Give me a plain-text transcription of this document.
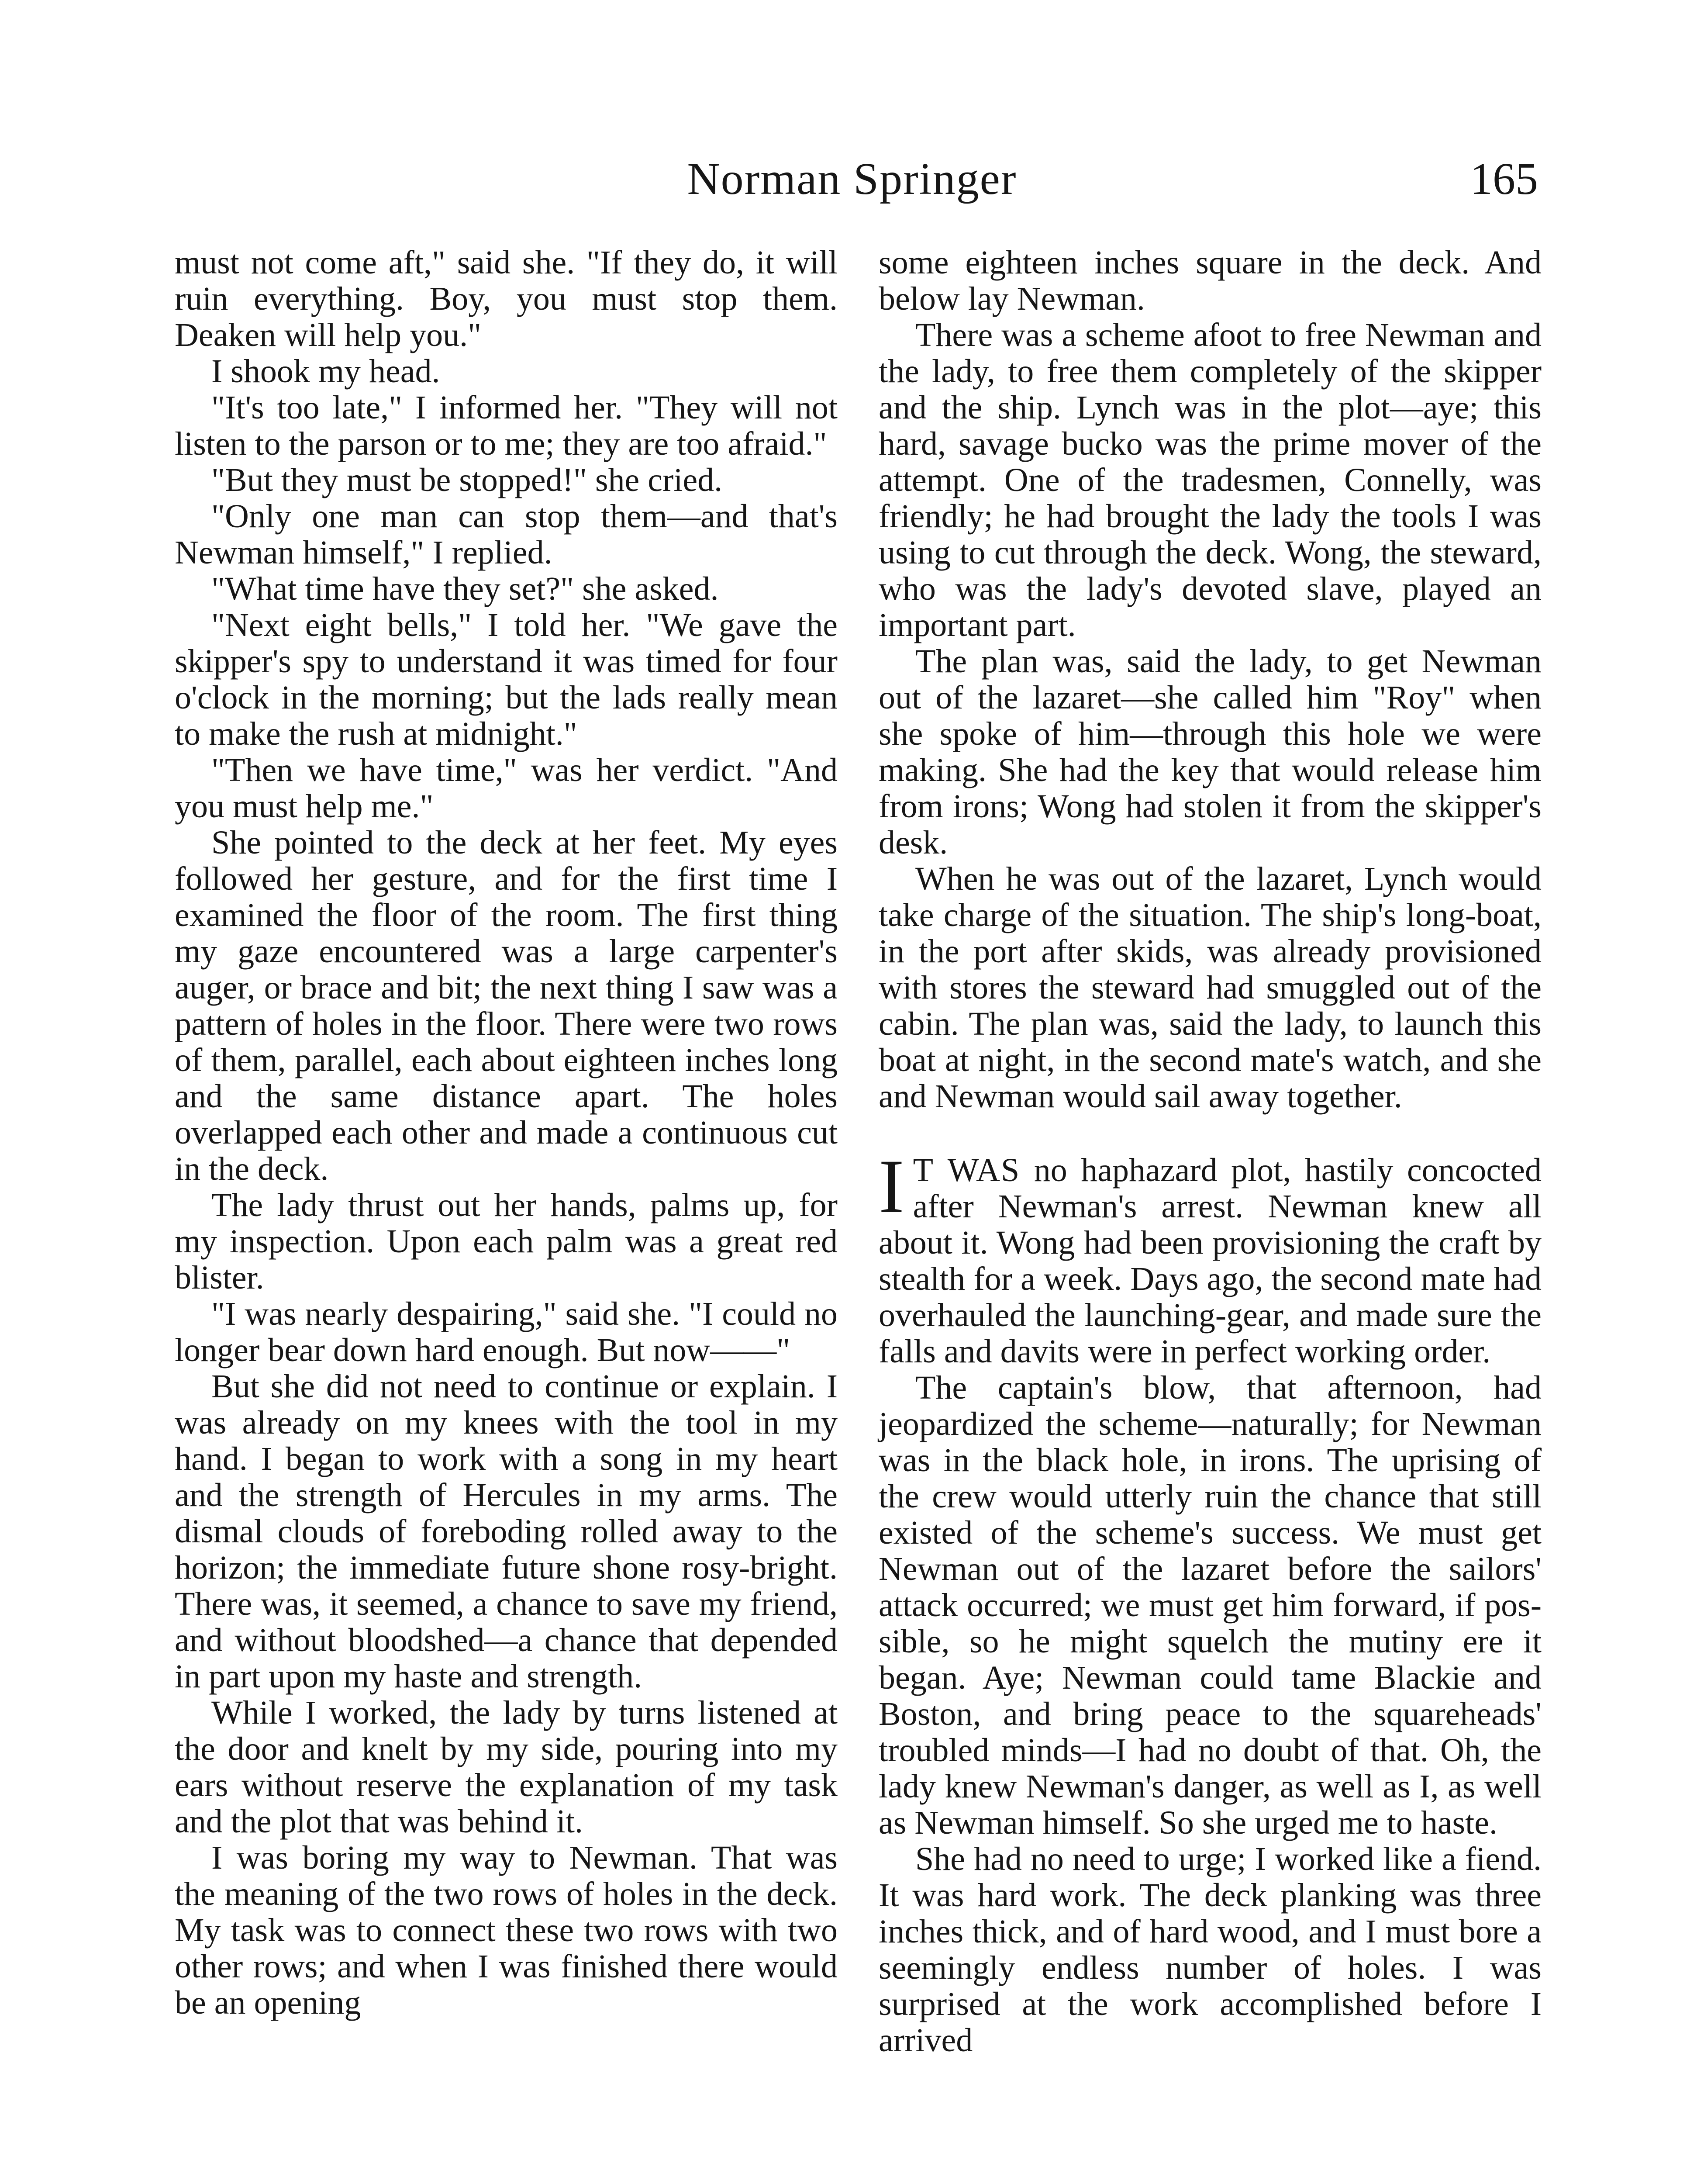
Norman Springer	165

must not come aft," said she. "If they do, it will ruin everything. Boy, you must stop them. Deaken will help you."

I shook my head.

"It's too late," I informed her. "They will not listen to the parson or to me; they are too afraid."

"But they must be stopped!" she cried.

"Only one man can stop them—and that's Newman himself," I replied.

"What time have they set?" she asked.

"Next eight bells," I told her. "We gave the skipper's spy to understand it was timed for four o'clock in the morning; but the lads really mean to make the rush at midnight."

"Then we have time," was her verdict. "And you must help me."

She pointed to the deck at her feet. My eyes followed her gesture, and for the first time I examined the floor of the room. The first thing my gaze encountered was a large carpenter's auger, or brace and bit; the next thing I saw was a pattern of holes in the floor. There were two rows of them, parallel, each about eighteen inches long and the same distance apart. The holes overlapped each other and made a continuous cut in the deck.

The lady thrust out her hands, palms up, for my inspection. Upon each palm was a great red blister.

"I was nearly despairing," said she. "I could no longer bear down hard enough. But now——"

But she did not need to continue or explain. I was already on my knees with the tool in my hand. I began to work with a song in my heart and the strength of Hercules in my arms. The dismal clouds of foreboding rolled away to the horizon; the immediate future shone rosy-bright. There was, it seemed, a chance to save my friend, and without bloodshed—a chance that depended in part upon my haste and strength.

While I worked, the lady by turns listened at the door and knelt by my side, pouring into my ears without reserve the explanation of my task and the plot that was behind it.

I was boring my way to Newman. That was the meaning of the two rows of holes in the deck. My task was to connect these two rows with two other rows; and when I was finished there would be an opening

some eighteen inches square in the deck. And below lay Newman.

There was a scheme afoot to free Newman and the lady, to free them completely of the skipper and the ship. Lynch was in the plot—aye; this hard, savage bucko was the prime mover of the attempt. One of the tradesmen, Connelly, was friendly; he had brought the lady the tools I was using to cut through the deck. Wong, the steward, who was the lady's devoted slave, played an important part.

The plan was, said the lady, to get Newman out of the lazaret—she called him "Roy" when she spoke of him—through this hole we were making. She had the key that would release him from irons; Wong had stolen it from the skipper's desk.

When he was out of the lazaret, Lynch would take charge of the situation. The ship's long-boat, in the port after skids, was already provisioned with stores the steward had smuggled out of the cabin. The plan was, said the lady, to launch this boat at night, in the second mate's watch, and she and Newman would sail away together.

I T WAS no haphazard plot, hastily concocted after Newman's arrest. Newman knew all about it. Wong had been provisioning the craft by stealth for a week. Days ago, the second mate had overhauled the launching-gear, and made sure the falls and davits were in perfect working order.

The captain's blow, that afternoon, had jeopardized the scheme—naturally; for Newman was in the black hole, in irons. The uprising of the crew would utterly ruin the chance that still existed of the scheme's success. We must get Newman out of the lazaret before the sailors' attack occurred; we must get him forward, if possible, so he might squelch the mutiny ere it began. Aye; Newman could tame Blackie and Boston, and bring peace to the squareheads' troubled minds—I had no doubt of that. Oh, the lady knew Newman's danger, as well as I, as well as Newman himself. So she urged me to haste.

She had no need to urge; I worked like a fiend. It was hard work. The deck planking was three inches thick, and of hard wood, and I must bore a seemingly endless number of holes. I was surprised at the work accomplished before I arrived
